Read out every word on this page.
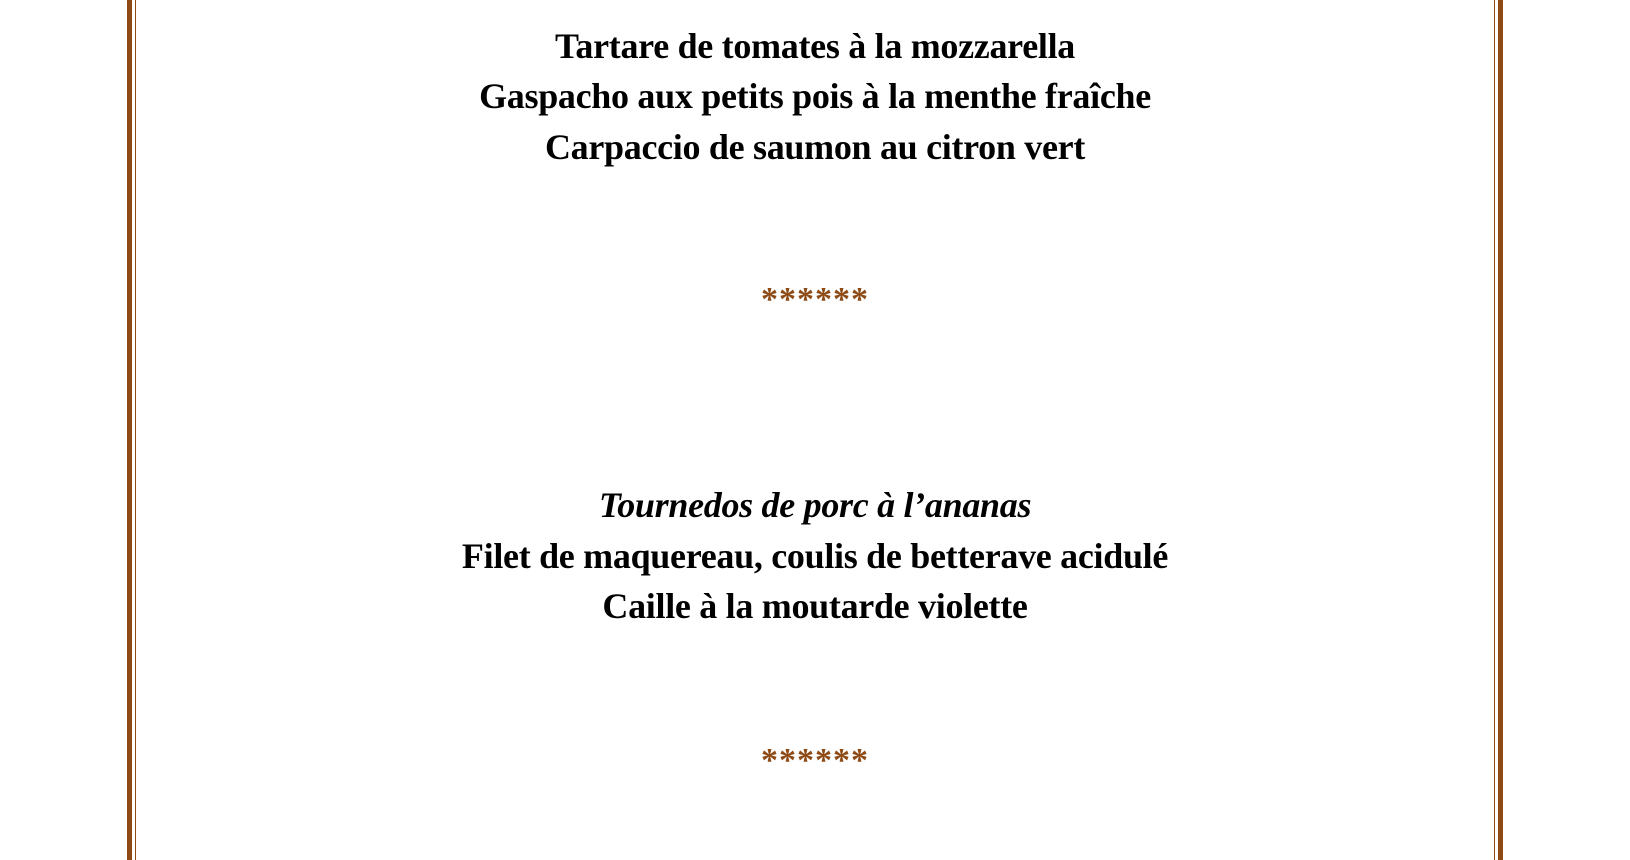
Tartare de tomates à la mozzarella
Gaspacho aux petits pois à la menthe fraîche
Carpaccio de saumon au citron vert
******
Tournedos de porc à l’ananas
Filet de maquereau, coulis de betterave acidulé
Caille à la moutarde violette
******
